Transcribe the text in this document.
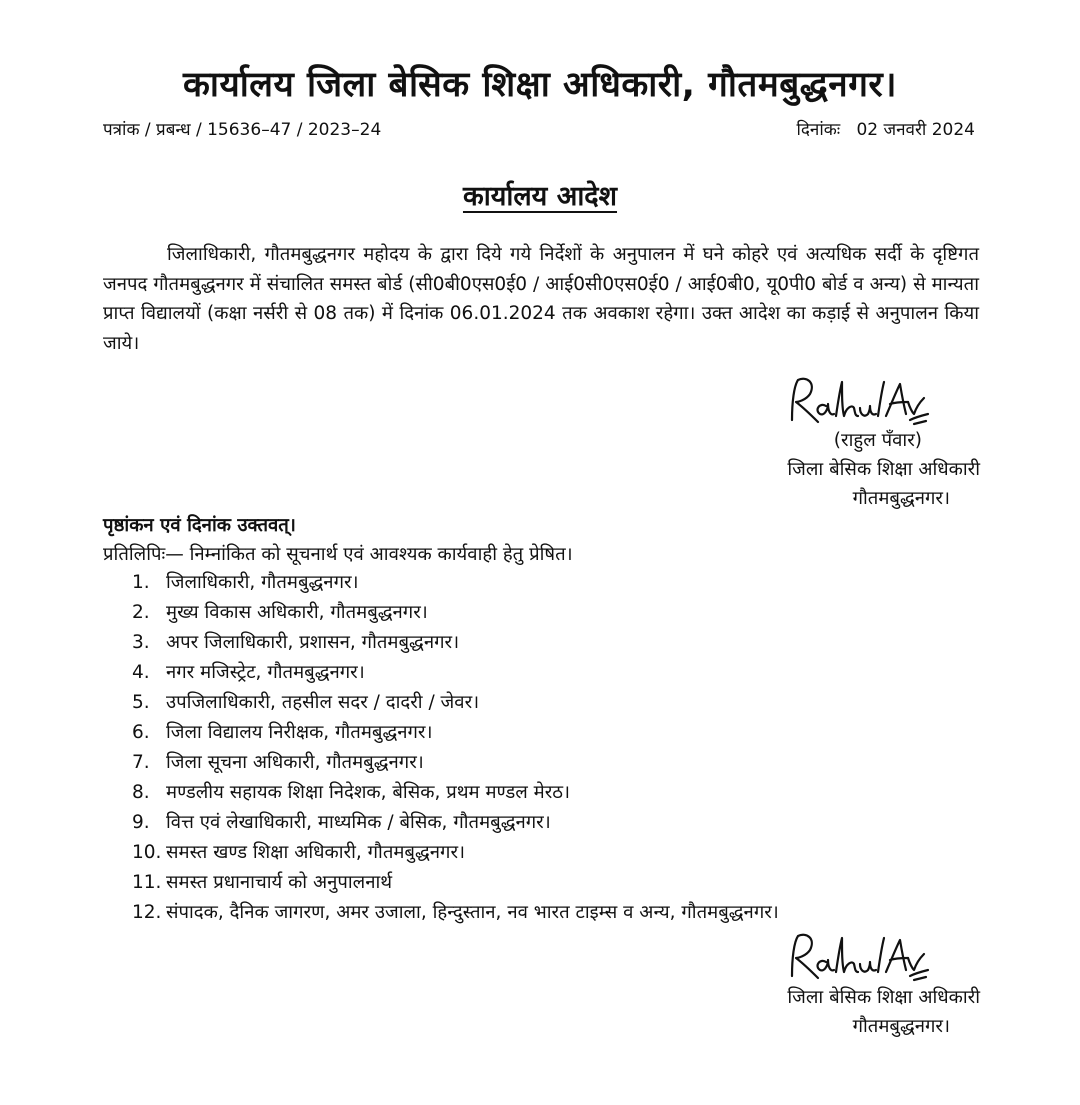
कार्यालय जिला बेसिक शिक्षा अधिकारी, गौतमबुद्धनगर।
पत्रांक / प्रबन्ध / 15636–47 / 2023–24	दिनांकः 02 जनवरी 2024
कार्यालय आदेश
जिलाधिकारी, गौतमबुद्धनगर महोदय के द्वारा दिये गये निर्देशों के अनुपालन में घने कोहरे एवं अत्यधिक सर्दी के दृष्टिगत जनपद गौतमबुद्धनगर में संचालित समस्त बोर्ड (सी0बी0एस0ई0 / आई0सी0एस0ई0 / आई0बी0, यू0पी0 बोर्ड व अन्य) से मान्यता प्राप्त विद्यालयों (कक्षा नर्सरी से 08 तक) में दिनांक 06.01.2024 तक अवकाश रहेगा। उक्त आदेश का कड़ाई से अनुपालन किया जाये।
(राहुल पँवार)
जिला बेसिक शिक्षा अधिकारी
गौतमबुद्धनगर।
पृष्ठांकन एवं दिनांक उक्तवत्।
प्रतिलिपिः— निम्नांकित को सूचनार्थ एवं आवश्यक कार्यवाही हेतु प्रेषित।
1. जिलाधिकारी, गौतमबुद्धनगर।
2. मुख्य विकास अधिकारी, गौतमबुद्धनगर।
3. अपर जिलाधिकारी, प्रशासन, गौतमबुद्धनगर।
4. नगर मजिस्ट्रेट, गौतमबुद्धनगर।
5. उपजिलाधिकारी, तहसील सदर / दादरी / जेवर।
6. जिला विद्यालय निरीक्षक, गौतमबुद्धनगर।
7. जिला सूचना अधिकारी, गौतमबुद्धनगर।
8. मण्डलीय सहायक शिक्षा निदेशक, बेसिक, प्रथम मण्डल मेरठ।
9. वित्त एवं लेखाधिकारी, माध्यमिक / बेसिक, गौतमबुद्धनगर।
10. समस्त खण्ड शिक्षा अधिकारी, गौतमबुद्धनगर।
11. समस्त प्रधानाचार्य को अनुपालनार्थ
12. संपादक, दैनिक जागरण, अमर उजाला, हिन्दुस्तान, नव भारत टाइम्स व अन्य, गौतमबुद्धनगर।
जिला बेसिक शिक्षा अधिकारी
गौतमबुद्धनगर।
